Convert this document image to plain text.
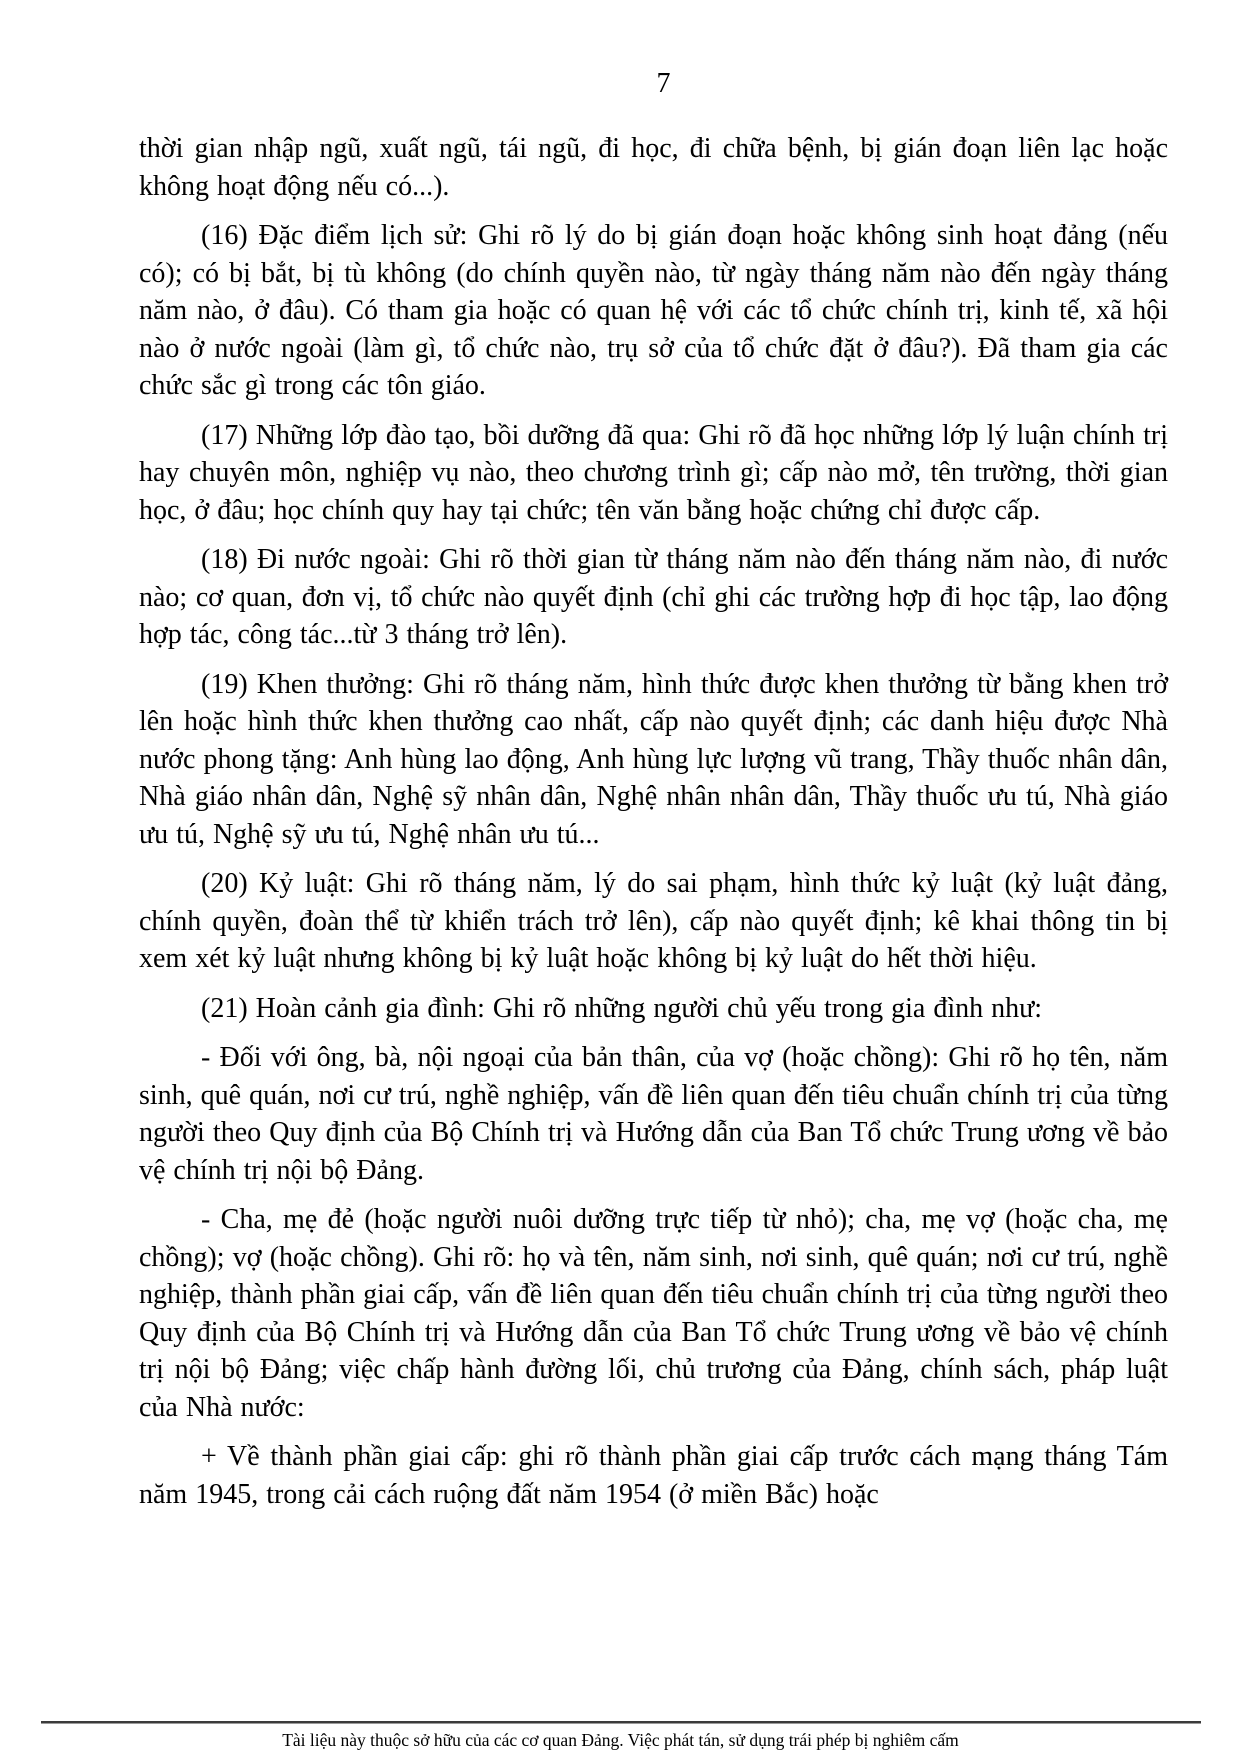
7

thời gian nhập ngũ, xuất ngũ, tái ngũ, đi học, đi chữa bệnh, bị gián đoạn liên lạc hoặc không hoạt động nếu có...).

(16) Đặc điểm lịch sử: Ghi rõ lý do bị gián đoạn hoặc không sinh hoạt đảng (nếu có); có bị bắt, bị tù không (do chính quyền nào, từ ngày tháng năm nào đến ngày tháng năm nào, ở đâu). Có tham gia hoặc có quan hệ với các tổ chức chính trị, kinh tế, xã hội nào ở nước ngoài (làm gì, tổ chức nào, trụ sở của tổ chức đặt ở đâu?). Đã tham gia các chức sắc gì trong các tôn giáo.

(17) Những lớp đào tạo, bồi dưỡng đã qua: Ghi rõ đã học những lớp lý luận chính trị hay chuyên môn, nghiệp vụ nào, theo chương trình gì; cấp nào mở, tên trường, thời gian học, ở đâu; học chính quy hay tại chức; tên văn bằng hoặc chứng chỉ được cấp.

(18) Đi nước ngoài: Ghi rõ thời gian từ tháng năm nào đến tháng năm nào, đi nước nào; cơ quan, đơn vị, tổ chức nào quyết định (chỉ ghi các trường hợp đi học tập, lao động hợp tác, công tác...từ 3 tháng trở lên).

(19) Khen thưởng: Ghi rõ tháng năm, hình thức được khen thưởng từ bằng khen trở lên hoặc hình thức khen thưởng cao nhất, cấp nào quyết định; các danh hiệu được Nhà nước phong tặng: Anh hùng lao động, Anh hùng lực lượng vũ trang, Thầy thuốc nhân dân, Nhà giáo nhân dân, Nghệ sỹ nhân dân, Nghệ nhân nhân dân, Thầy thuốc ưu tú, Nhà giáo ưu tú, Nghệ sỹ ưu tú, Nghệ nhân ưu tú...

(20) Kỷ luật: Ghi rõ tháng năm, lý do sai phạm, hình thức kỷ luật (kỷ luật đảng, chính quyền, đoàn thể từ khiển trách trở lên), cấp nào quyết định; kê khai thông tin bị xem xét kỷ luật nhưng không bị kỷ luật hoặc không bị kỷ luật do hết thời hiệu.

(21) Hoàn cảnh gia đình: Ghi rõ những người chủ yếu trong gia đình như:

- Đối với ông, bà, nội ngoại của bản thân, của vợ (hoặc chồng): Ghi rõ họ tên, năm sinh, quê quán, nơi cư trú, nghề nghiệp, vấn đề liên quan đến tiêu chuẩn chính trị của từng người theo Quy định của Bộ Chính trị và Hướng dẫn của Ban Tổ chức Trung ương về bảo vệ chính trị nội bộ Đảng.

- Cha, mẹ đẻ (hoặc người nuôi dưỡng trực tiếp từ nhỏ); cha, mẹ vợ (hoặc cha, mẹ chồng); vợ (hoặc chồng). Ghi rõ: họ và tên, năm sinh, nơi sinh, quê quán; nơi cư trú, nghề nghiệp, thành phần giai cấp, vấn đề liên quan đến tiêu chuẩn chính trị của từng người theo Quy định của Bộ Chính trị và Hướng dẫn của Ban Tổ chức Trung ương về bảo vệ chính trị nội bộ Đảng; việc chấp hành đường lối, chủ trương của Đảng, chính sách, pháp luật của Nhà nước:

+ Về thành phần giai cấp: ghi rõ thành phần giai cấp trước cách mạng tháng Tám năm 1945, trong cải cách ruộng đất năm 1954 (ở miền Bắc) hoặc

Tài liệu này thuộc sở hữu của các cơ quan Đảng. Việc phát tán, sử dụng trái phép bị nghiêm cấm
